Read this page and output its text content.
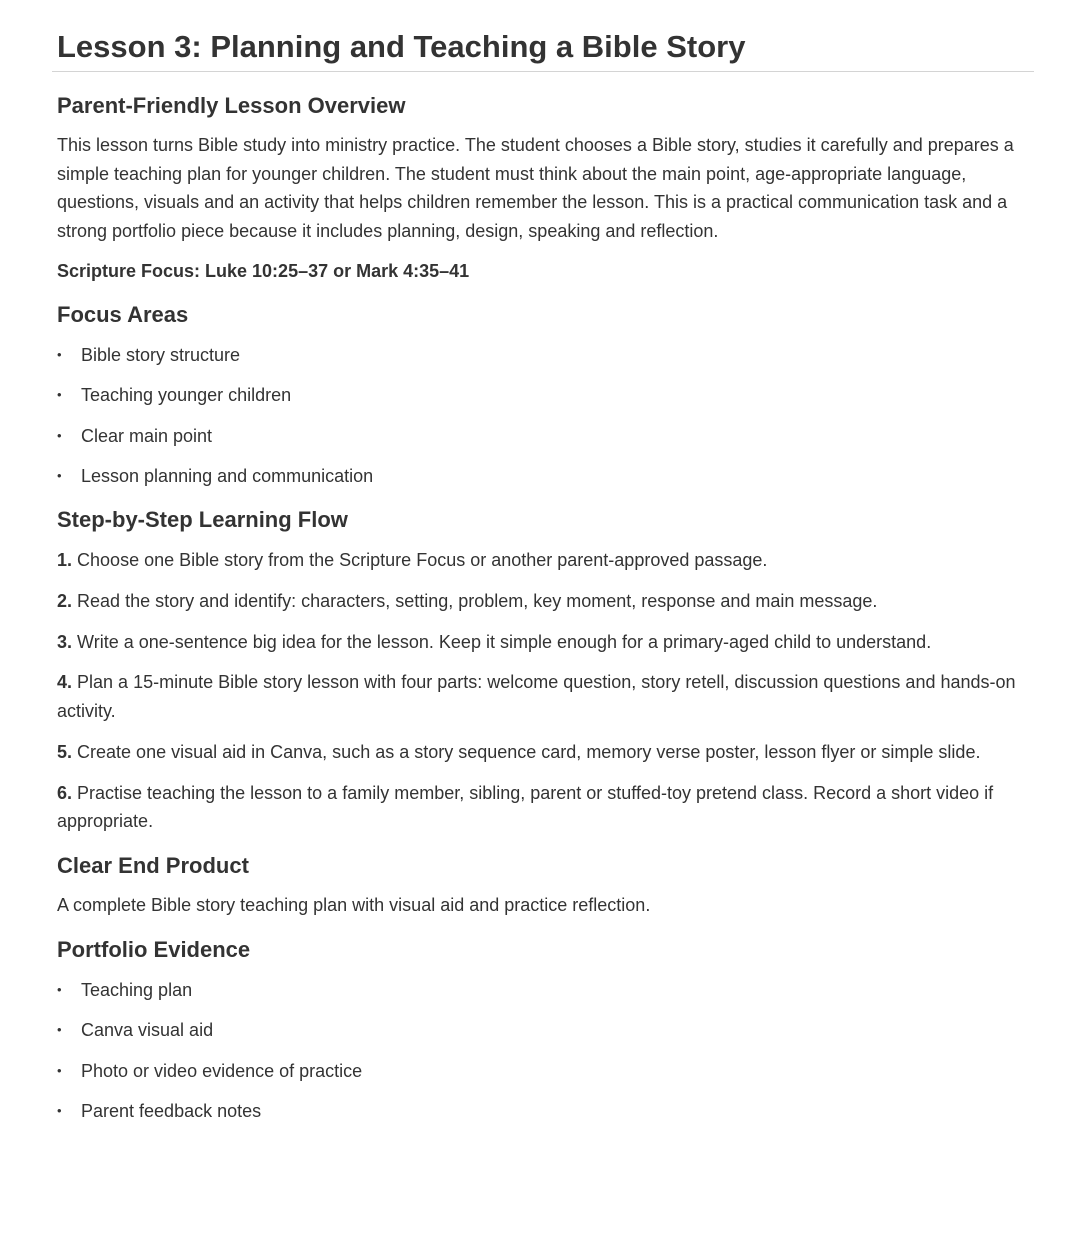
Lesson 3: Planning and Teaching a Bible Story
Parent-Friendly Lesson Overview

This lesson turns Bible study into ministry practice. The student chooses a Bible story, studies it carefully and prepares a simple teaching plan for younger children. The student must think about the main point, age-appropriate language, questions, visuals and an activity that helps children remember the lesson. This is a practical communication task and a strong portfolio piece because it includes planning, design, speaking and reflection.

Scripture Focus: Luke 10:25–37 or Mark 4:35–41
Focus Areas
• Bible story structure
• Teaching younger children
• Clear main point
• Lesson planning and communication
Step-by-Step Learning Flow

1. Choose one Bible story from the Scripture Focus or another parent-approved passage.

2. Read the story and identify: characters, setting, problem, key moment, response and main message.

3. Write a one-sentence big idea for the lesson. Keep it simple enough for a primary-aged child to understand.

4. Plan a 15-minute Bible story lesson with four parts: welcome question, story retell, discussion questions and hands-on activity.

5. Create one visual aid in Canva, such as a story sequence card, memory verse poster, lesson flyer or simple slide.

6. Practise teaching the lesson to a family member, sibling, parent or stuffed-toy pretend class. Record a short video if appropriate.

Clear End Product

A complete Bible story teaching plan with visual aid and practice reflection.

Portfolio Evidence
• Teaching plan
• Canva visual aid
• Photo or video evidence of practice
• Parent feedback notes
